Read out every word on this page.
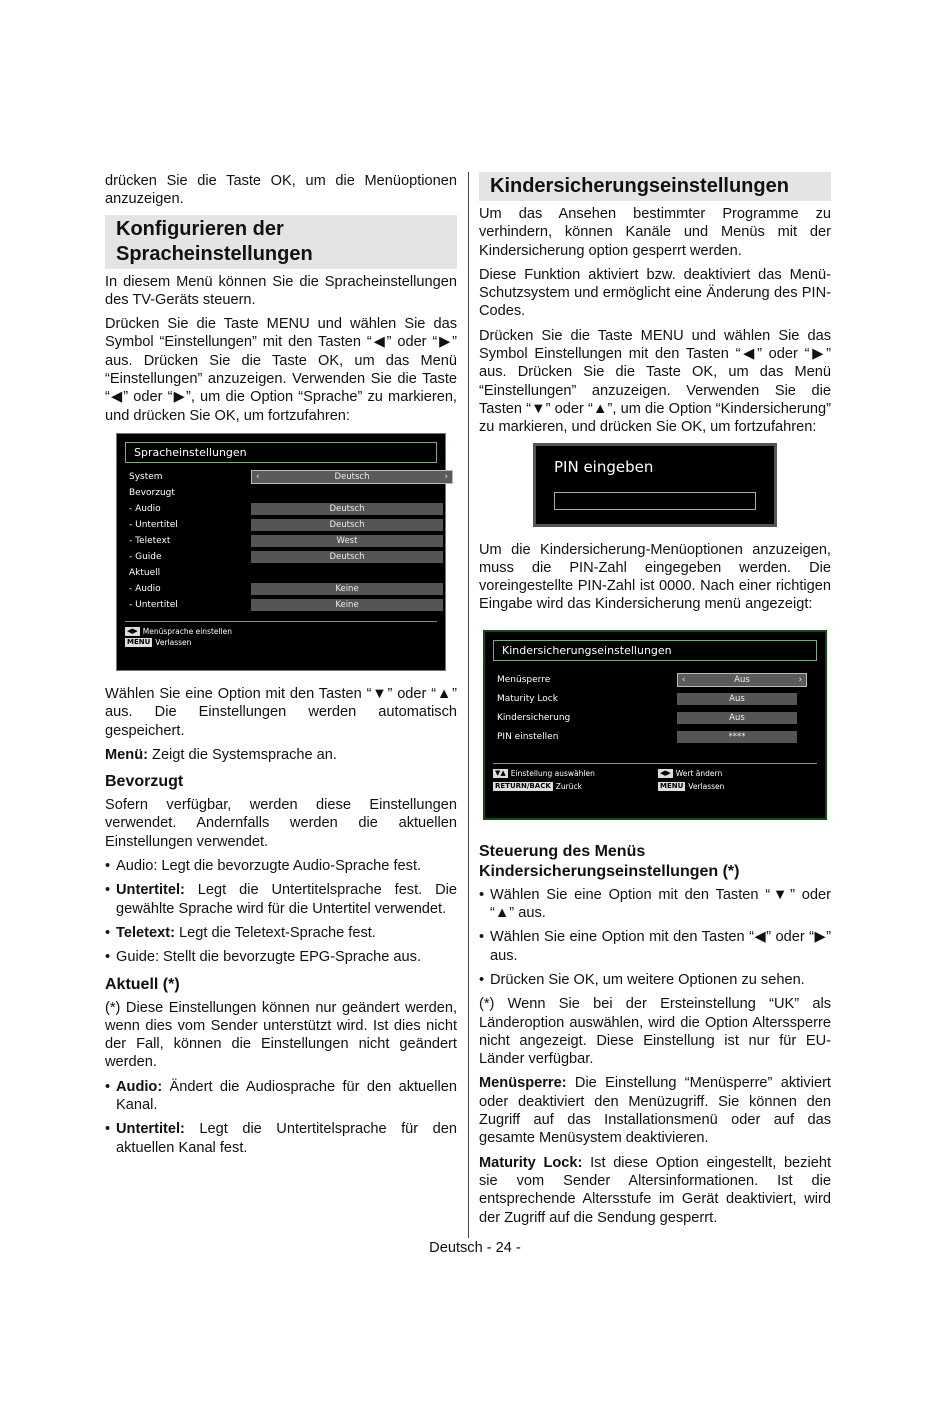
drücken Sie die Taste OK, um die Menüoptionen anzuzeigen.

Konfigurieren der Spracheinstellungen

In diesem Menü können Sie die Spracheinstellungen des TV-Geräts steuern.

Drücken Sie die Taste MENU und wählen Sie das Symbol “Einstellungen” mit den Tasten “◀” oder “▶” aus. Drücken Sie die Taste OK, um das Menü “Einstellungen” anzuzeigen. Verwenden Sie die Taste “◀” oder “▶”, um die Option “Sprache” zu markieren, und drücken Sie OK, um fortzufahren:

Spracheinstellungen
System	‹	Deutsch	›
Bevorzugt
- Audio	Deutsch
- Untertitel	Deutsch
- Teletext	West
- Guide	Deutsch
Aktuell
- Audio	Keine
- Untertitel	Keine
◀▶ Menüsprache einstellen
MENU Verlassen

Wählen Sie eine Option mit den Tasten “▼” oder “▲” aus. Die Einstellungen werden automatisch gespeichert.

Menü: Zeigt die Systemsprache an.

Bevorzugt

Sofern verfügbar, werden diese Einstellungen verwendet. Andernfalls werden die aktuellen Einstellungen verwendet.

• Audio: Legt die bevorzugte Audio-Sprache fest.
• Untertitel: Legt die Untertitelsprache fest. Die gewählte Sprache wird für die Untertitel verwendet.
• Teletext: Legt die Teletext-Sprache fest.
• Guide: Stellt die bevorzugte EPG-Sprache aus.
Aktuell (*)

(*) Diese Einstellungen können nur geändert werden, wenn dies vom Sender unterstützt wird. Ist dies nicht der Fall, können die Einstellungen nicht geändert werden.

• Audio: Ändert die Audiosprache für den aktuellen Kanal.
• Untertitel: Legt die Untertitelsprache für den aktuellen Kanal fest.
Kindersicherungseinstellungen

Um das Ansehen bestimmter Programme zu verhindern, können Kanäle und Menüs mit der Kindersicherung option gesperrt werden.

Diese Funktion aktiviert bzw. deaktiviert das Menü-Schutzsystem und ermöglicht eine Änderung des PIN-Codes.

Drücken Sie die Taste MENU und wählen Sie das Symbol Einstellungen mit den Tasten “◀” oder “▶” aus. Drücken Sie die Taste OK, um das Menü “Einstellungen” anzuzeigen. Verwenden Sie die Tasten “▼” oder “▲”, um die Option “Kindersicherung” zu markieren, und drücken Sie OK, um fortzufahren:

PIN eingeben

Um die Kindersicherung-Menüoptionen anzuzeigen, muss die PIN-Zahl eingegeben werden. Die voreingestellte PIN-Zahl ist 0000. Nach einer richtigen Eingabe wird das Kindersicherung menü angezeigt:

Kindersicherungseinstellungen
Menüsperre	‹	Aus	›
Maturity Lock	Aus
Kindersicherung	Aus
PIN einstellen	****
▼▲ Einstellung auswählen	◀▶ Wert ändern
RETURN/BACK Zurück	MENU Verlassen
Steuerung des Menüs Kindersicherungseinstellungen (*)
• Wählen Sie eine Option mit den Tasten “▼” oder “▲” aus.
• Wählen Sie eine Option mit den Tasten “◀” oder “▶” aus.
• Drücken Sie OK, um weitere Optionen zu sehen.

(*) Wenn Sie bei der Ersteinstellung “UK” als Länderoption auswählen, wird die Option Alterssperre nicht angezeigt. Diese Einstellung ist nur für EU-Länder verfügbar.

Menüsperre: Die Einstellung “Menüsperre” aktiviert oder deaktiviert den Menüzugriff. Sie können den Zugriff auf das Installationsmenü oder auf das gesamte Menüsystem deaktivieren.

Maturity Lock: Ist diese Option eingestellt, bezieht sie vom Sender Altersinformationen. Ist die entsprechende Altersstufe im Gerät deaktiviert, wird der Zugriff auf die Sendung gesperrt.

Deutsch - 24 -
